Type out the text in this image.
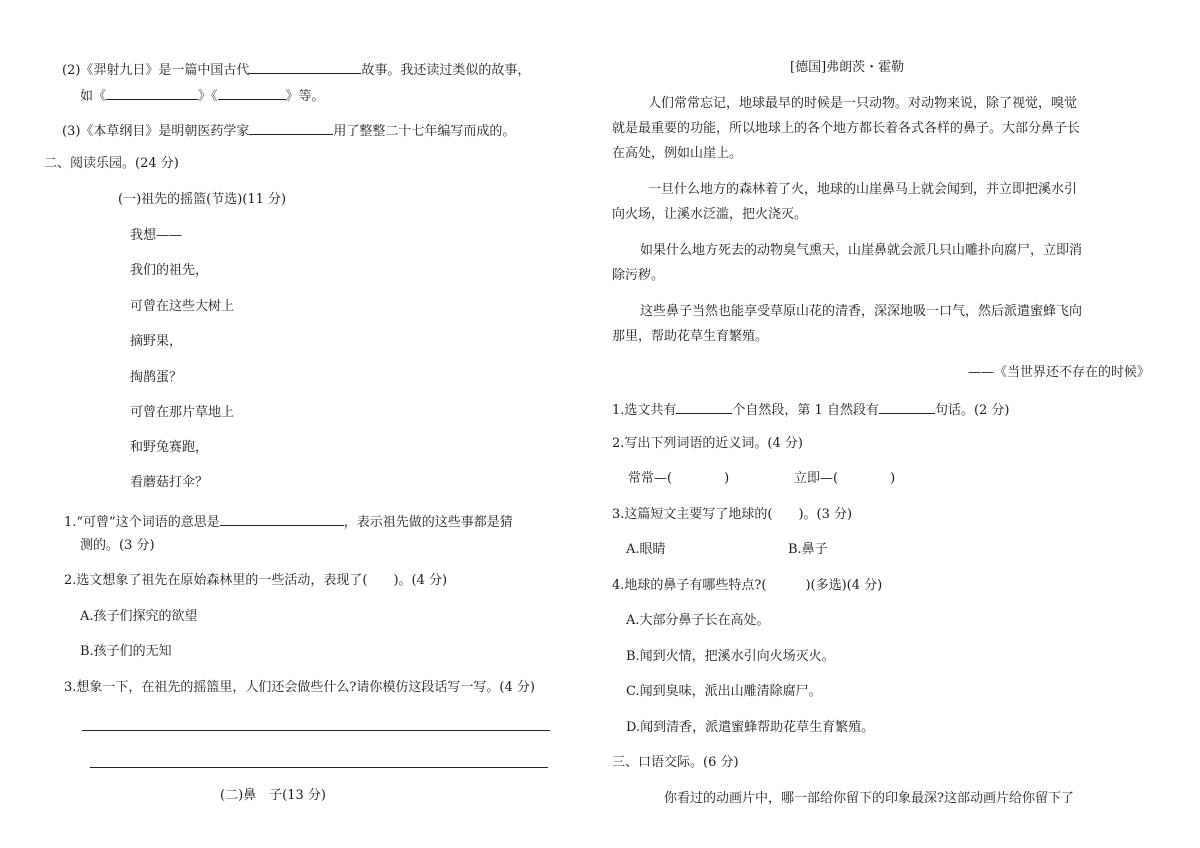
(2)《羿射九日》是一篇中国古代	故事。我还读过类似的故事，
如《	》《	》等。
(3)《本草纲目》是明朝医药学家	用了整整二十七年编写而成的。
二、阅读乐园。(24 分)
(一)祖先的摇篮(节选)(11 分)
我想——
我们的祖先，
可曾在这些大树上
摘野果，
掏鹊蛋？
可曾在那片草地上
和野兔赛跑，
看蘑菇打伞？
1.“可曾”这个词语的意思是	，表示祖先做的这些事都是猜
测的。(3 分)
2.选文想象了祖先在原始森林里的一些活动，表现了(　　)。(4 分)
A.孩子们探究的欲望
B.孩子们的无知
3.想象一下，在祖先的摇篮里，人们还会做些什么?请你模仿这段话写一写。(4 分)
(二)鼻　子(13 分)
[德国]弗朗茨・霍勒
人们常常忘记，地球最早的时候是一只动物。对动物来说，除了视觉，嗅觉
就是最重要的功能，所以地球上的各个地方都长着各式各样的鼻子。大部分鼻子长
在高处，例如山崖上。
一旦什么地方的森林着了火，地球的山崖鼻马上就会闻到，并立即把溪水引
向火场，让溪水泛滥，把火浇灭。
如果什么地方死去的动物臭气熏天，山崖鼻就会派几只山雕扑向腐尸，立即消
除污秽。
这些鼻子当然也能享受草原山花的清香，深深地吸一口气，然后派遣蜜蜂飞向
那里，帮助花草生育繁殖。
——《当世界还不存在的时候》
1.选文共有	个自然段，第 1 自然段有	句话。(2 分)
2.写出下列词语的近义词。(4 分)
常常—(　　　　)	立即—(　　　　)
3.这篇短文主要写了地球的(　　)。(3 分)
A.眼睛	B.鼻子
4.地球的鼻子有哪些特点?(　　　)(多选)(4 分)
A.大部分鼻子长在高处。
B.闻到火情，把溪水引向火场灭火。
C.闻到臭味，派出山雕清除腐尸。
D.闻到清香，派遣蜜蜂帮助花草生育繁殖。
三、口语交际。(6 分)
你看过的动画片中，哪一部给你留下的印象最深?这部动画片给你留下了
